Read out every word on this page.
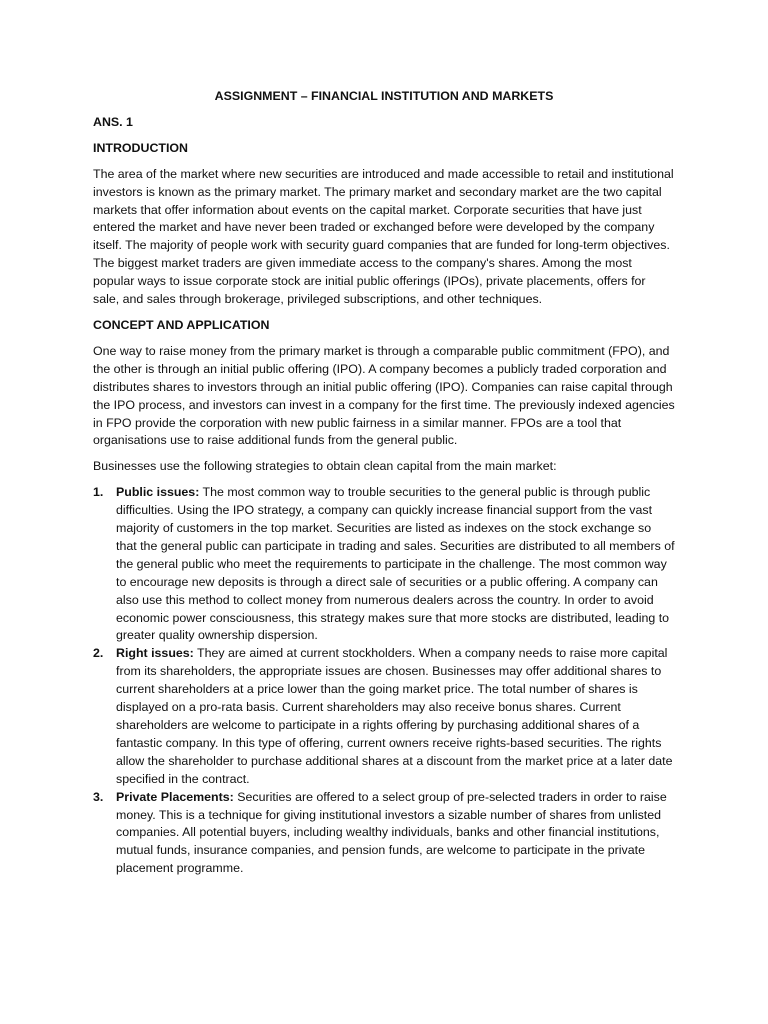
ASSIGNMENT – FINANCIAL INSTITUTION AND MARKETS
ANS. 1
INTRODUCTION

The area of the market where new securities are introduced and made accessible to retail and institutional investors is known as the primary market. The primary market and secondary market are the two capital markets that offer information about events on the capital market. Corporate securities that have just entered the market and have never been traded or exchanged before were developed by the company itself. The majority of people work with security guard companies that are funded for long-term objectives. The biggest market traders are given immediate access to the company's shares. Among the most popular ways to issue corporate stock are initial public offerings (IPOs), private placements, offers for sale, and sales through brokerage, privileged subscriptions, and other techniques.

CONCEPT AND APPLICATION

One way to raise money from the primary market is through a comparable public commitment (FPO), and the other is through an initial public offering (IPO). A company becomes a publicly traded corporation and distributes shares to investors through an initial public offering (IPO). Companies can raise capital through the IPO process, and investors can invest in a company for the first time. The previously indexed agencies in FPO provide the corporation with new public fairness in a similar manner. FPOs are a tool that organisations use to raise additional funds from the general public.

Businesses use the following strategies to obtain clean capital from the main market:

1. Public issues: The most common way to trouble securities to the general public is through public difficulties. Using the IPO strategy, a company can quickly increase financial support from the vast majority of customers in the top market. Securities are listed as indexes on the stock exchange so that the general public can participate in trading and sales. Securities are distributed to all members of the general public who meet the requirements to participate in the challenge. The most common way to encourage new deposits is through a direct sale of securities or a public offering. A company can also use this method to collect money from numerous dealers across the country. In order to avoid economic power consciousness, this strategy makes sure that more stocks are distributed, leading to greater quality ownership dispersion.
2. Right issues: They are aimed at current stockholders. When a company needs to raise more capital from its shareholders, the appropriate issues are chosen. Businesses may offer additional shares to current shareholders at a price lower than the going market price. The total number of shares is displayed on a pro-rata basis. Current shareholders may also receive bonus shares. Current shareholders are welcome to participate in a rights offering by purchasing additional shares of a fantastic company. In this type of offering, current owners receive rights-based securities. The rights allow the shareholder to purchase additional shares at a discount from the market price at a later date specified in the contract.
3. Private Placements: Securities are offered to a select group of pre-selected traders in order to raise money. This is a technique for giving institutional investors a sizable number of shares from unlisted companies. All potential buyers, including wealthy individuals, banks and other financial institutions, mutual funds, insurance companies, and pension funds, are welcome to participate in the private placement programme.
